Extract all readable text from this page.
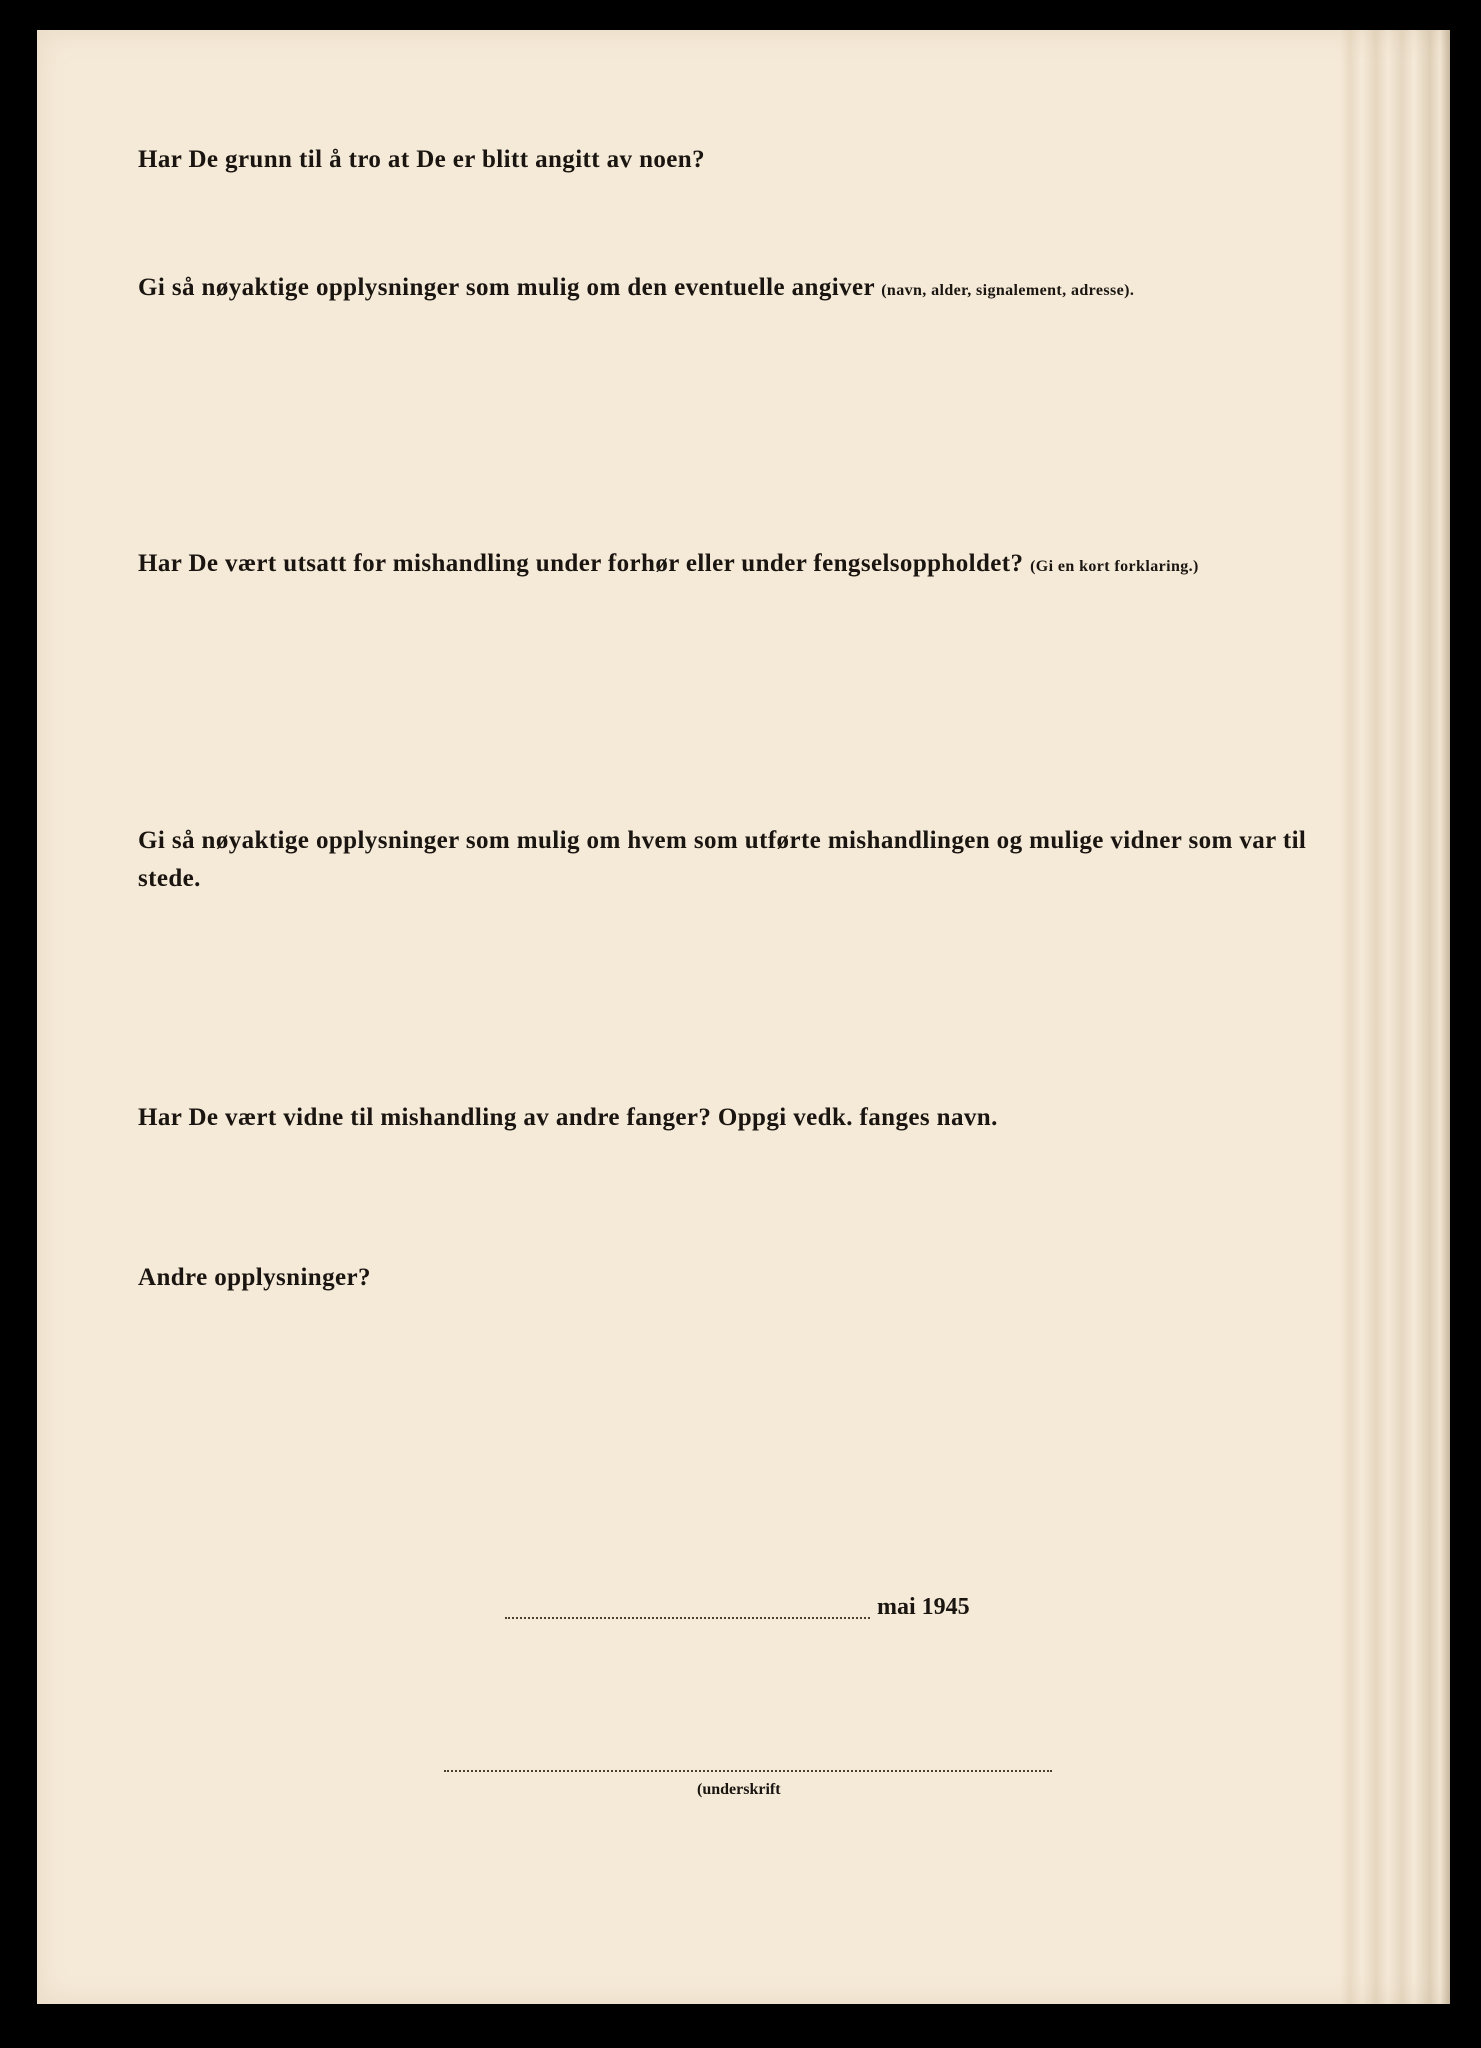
Har De grunn til å tro at De er blitt angitt av noen?
Gi så nøyaktige opplysninger som mulig om den eventuelle angiver (navn, alder, signalement, adresse).
Har De vært utsatt for mishandling under forhør eller under fengselsoppholdet? (Gi en kort forklaring.)
Gi så nøyaktige opplysninger som mulig om hvem som utførte mishandlingen og mulige vidner som var til stede.
Har De vært vidne til mishandling av andre fanger? Oppgi vedk. fanges navn.
Andre opplysninger?
mai 1945
(underskrift
